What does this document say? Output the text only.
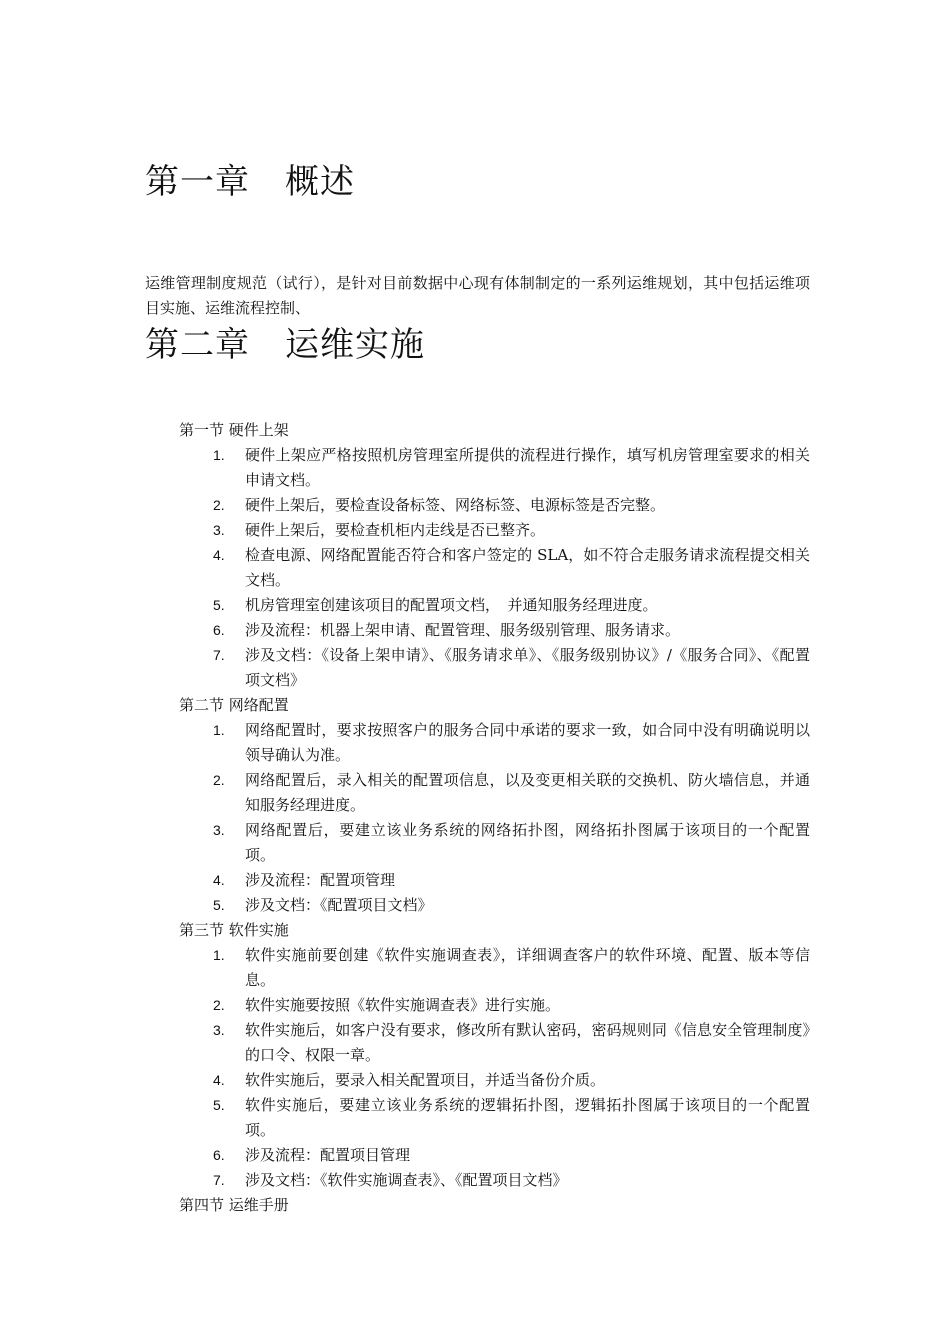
第一章　概述

运维管理制度规范（试行），是针对目前数据中心现有体制制定的一系列运维规划，其中包括运维项目实施、运维流程控制、

第二章　运维实施
第一节 硬件上架
1. 硬件上架应严格按照机房管理室所提供的流程进行操作，填写机房管理室要求的相关申请文档。
2. 硬件上架后，要检查设备标签、网络标签、电源标签是否完整。
3. 硬件上架后，要检查机柜内走线是否已整齐。
4. 检查电源、网络配置能否符合和客户签定的 SLA，如不符合走服务请求流程提交相关文档。
5. 机房管理室创建该项目的配置项文档，　并通知服务经理进度。
6. 涉及流程：机器上架申请、配置管理、服务级别管理、服务请求。
7. 涉及文档：《设备上架申请》、《服务请求单》、《服务级别协议》/《服务合同》、《配置项文档》
第二节 网络配置
1. 网络配置时，要求按照客户的服务合同中承诺的要求一致，如合同中没有明确说明以领导确认为准。
2. 网络配置后，录入相关的配置项信息，以及变更相关联的交换机、防火墙信息，并通知服务经理进度。
3. 网络配置后，要建立该业务系统的网络拓扑图，网络拓扑图属于该项目的一个配置项。
4. 涉及流程：配置项管理
5. 涉及文档：《配置项目文档》
第三节 软件实施
1. 软件实施前要创建《软件实施调查表》，详细调查客户的软件环境、配置、版本等信息。
2. 软件实施要按照《软件实施调查表》进行实施。
3. 软件实施后，如客户没有要求，修改所有默认密码，密码规则同《信息安全管理制度》的口令、权限一章。
4. 软件实施后，要录入相关配置项目，并适当备份介质。
5. 软件实施后，要建立该业务系统的逻辑拓扑图，逻辑拓扑图属于该项目的一个配置项。
6. 涉及流程：配置项目管理
7. 涉及文档：《软件实施调查表》、《配置项目文档》
第四节 运维手册
